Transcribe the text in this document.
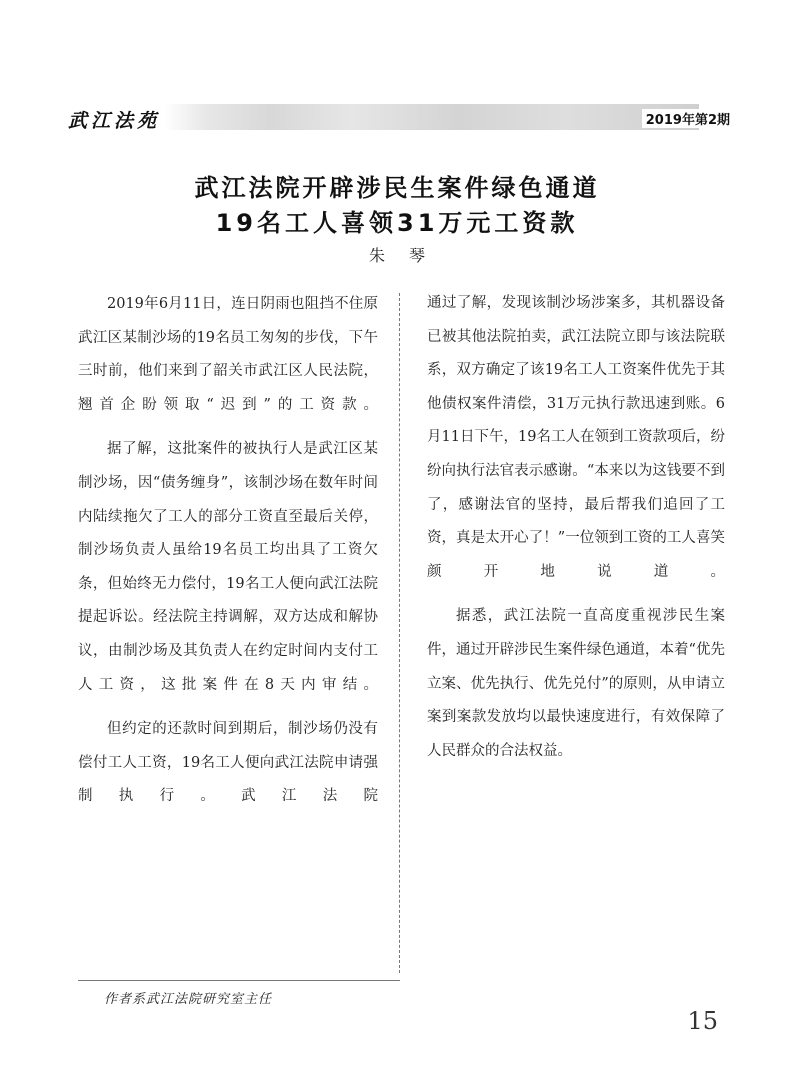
武江法苑	2019年第2期
武江法院开辟涉民生案件绿色通道
19名工人喜领31万元工资款
朱琴

2019年6月11日，连日阴雨也阻挡不住原武江区某制沙场的19名员工匆匆的步伐，下午三时前，他们来到了韶关市武江区人民法院，翘首企盼领取“迟到”的工资款。

据了解，这批案件的被执行人是武江区某制沙场，因“债务缠身”，该制沙场在数年时间内陆续拖欠了工人的部分工资直至最后关停，制沙场负责人虽给19名员工均出具了工资欠条，但始终无力偿付，19名工人便向武江法院提起诉讼。经法院主持调解，双方达成和解协议，由制沙场及其负责人在约定时间内支付工人工资，这批案件在8天内审结。

但约定的还款时间到期后，制沙场仍没有偿付工人工资，19名工人便向武江法院申请强制执行。武江法院

通过了解，发现该制沙场涉案多，其机器设备已被其他法院拍卖，武江法院立即与该法院联系，双方确定了该19名工人工资案件优先于其他债权案件清偿，31万元执行款迅速到账。6月11日下午，19名工人在领到工资款项后，纷纷向执行法官表示感谢。“本来以为这钱要不到了，感谢法官的坚持，最后帮我们追回了工资，真是太开心了！”一位领到工资的工人喜笑颜开地说道。

据悉，武江法院一直高度重视涉民生案件，通过开辟涉民生案件绿色通道，本着“优先立案、优先执行、优先兑付”的原则，从申请立案到案款发放均以最快速度进行，有效保障了人民群众的合法权益。

作者系武江法院研究室主任
15
